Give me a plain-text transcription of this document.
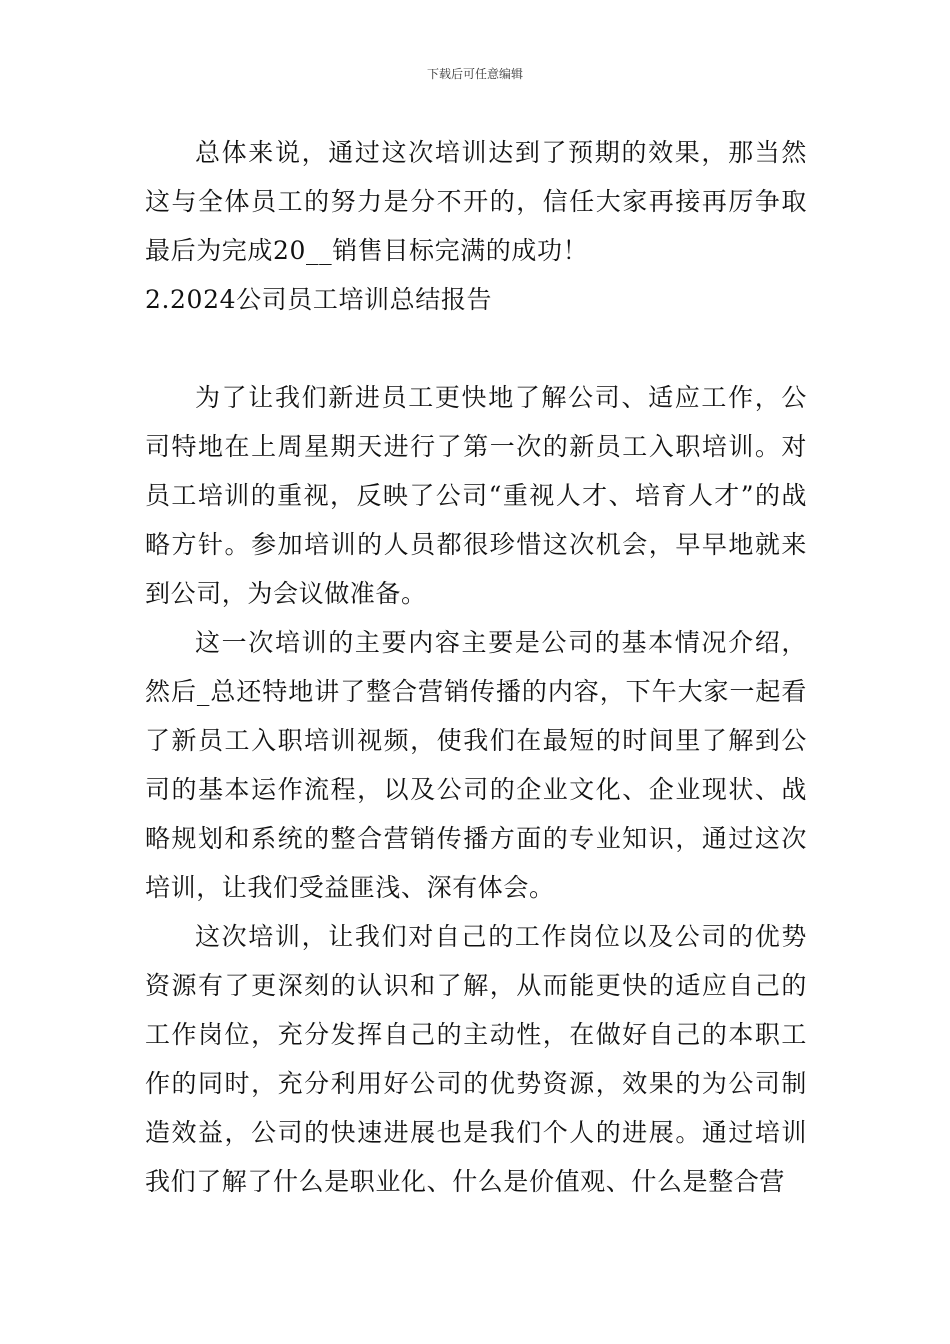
下载后可任意编辑

总体来说，通过这次培训达到了预期的效果，那当然这与全体员工的努力是分不开的，信任大家再接再厉争取最后为完成20__销售目标完满的成功！

2.2024公司员工培训总结报告

为了让我们新进员工更快地了解公司、适应工作，公司特地在上周星期天进行了第一次的新员工入职培训。对员工培训的重视，反映了公司“重视人才、培育人才”的战略方针。参加培训的人员都很珍惜这次机会，早早地就来到公司，为会议做准备。

这一次培训的主要内容主要是公司的基本情况介绍，然后_总还特地讲了整合营销传播的内容，下午大家一起看了新员工入职培训视频，使我们在最短的时间里了解到公司的基本运作流程，以及公司的企业文化、企业现状、战略规划和系统的整合营销传播方面的专业知识，通过这次培训，让我们受益匪浅、深有体会。

这次培训，让我们对自己的工作岗位以及公司的优势资源有了更深刻的认识和了解，从而能更快的适应自己的工作岗位，充分发挥自己的主动性，在做好自己的本职工作的同时，充分利用好公司的优势资源，效果的为公司制造效益，公司的快速进展也是我们个人的进展。通过培训我们了解了什么是职业化、什么是价值观、什么是整合营
